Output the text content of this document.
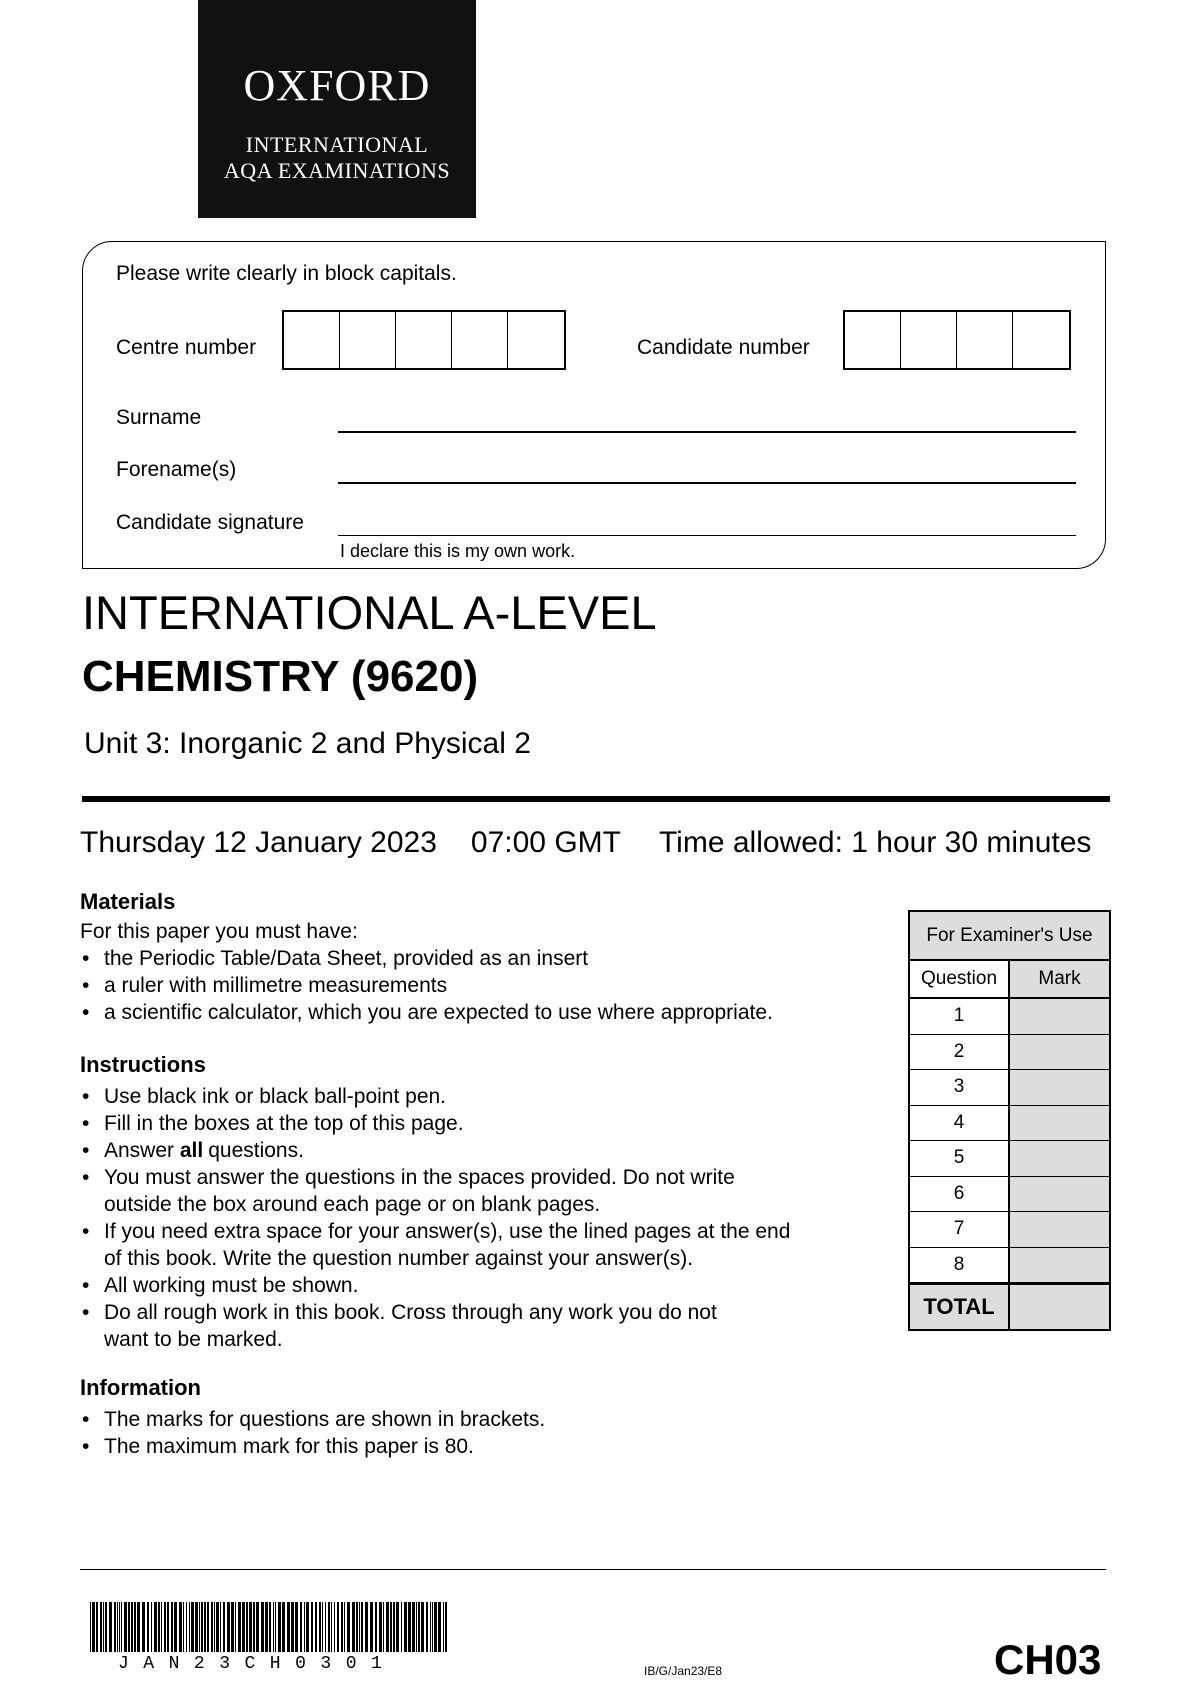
OXFORD
INTERNATIONAL
AQA EXAMINATIONS
Please write clearly in block capitals.
Centre number	Candidate number
Surname
Forename(s)
Candidate signature
I declare this is my own work.
INTERNATIONAL A-LEVEL
CHEMISTRY (9620)
Unit 3: Inorganic 2 and Physical 2
Thursday 12 January 2023 07:00 GMT Time allowed: 1 hour 30 minutes
Materials
For this paper you must have:
• the Periodic Table/Data Sheet, provided as an insert
• a ruler with millimetre measurements
• a scientific calculator, which you are expected to use where appropriate.
Instructions
• Use black ink or black ball-point pen.
• Fill in the boxes at the top of this page.
• Answer all questions.
• You must answer the questions in the spaces provided. Do not write
outside the box around each page or on blank pages.
• If you need extra space for your answer(s), use the lined pages at the end
of this book. Write the question number against your answer(s).
• All working must be shown.
• Do all rough work in this book. Cross through any work you do not
want to be marked.
Information
• The marks for questions are shown in brackets.
• The maximum mark for this paper is 80.
For Examiner's Use
Question	Mark
1
2
3
4
5
6
7
8
TOTAL
JAN23CH0301	IB/G/Jan23/E8	CH03
